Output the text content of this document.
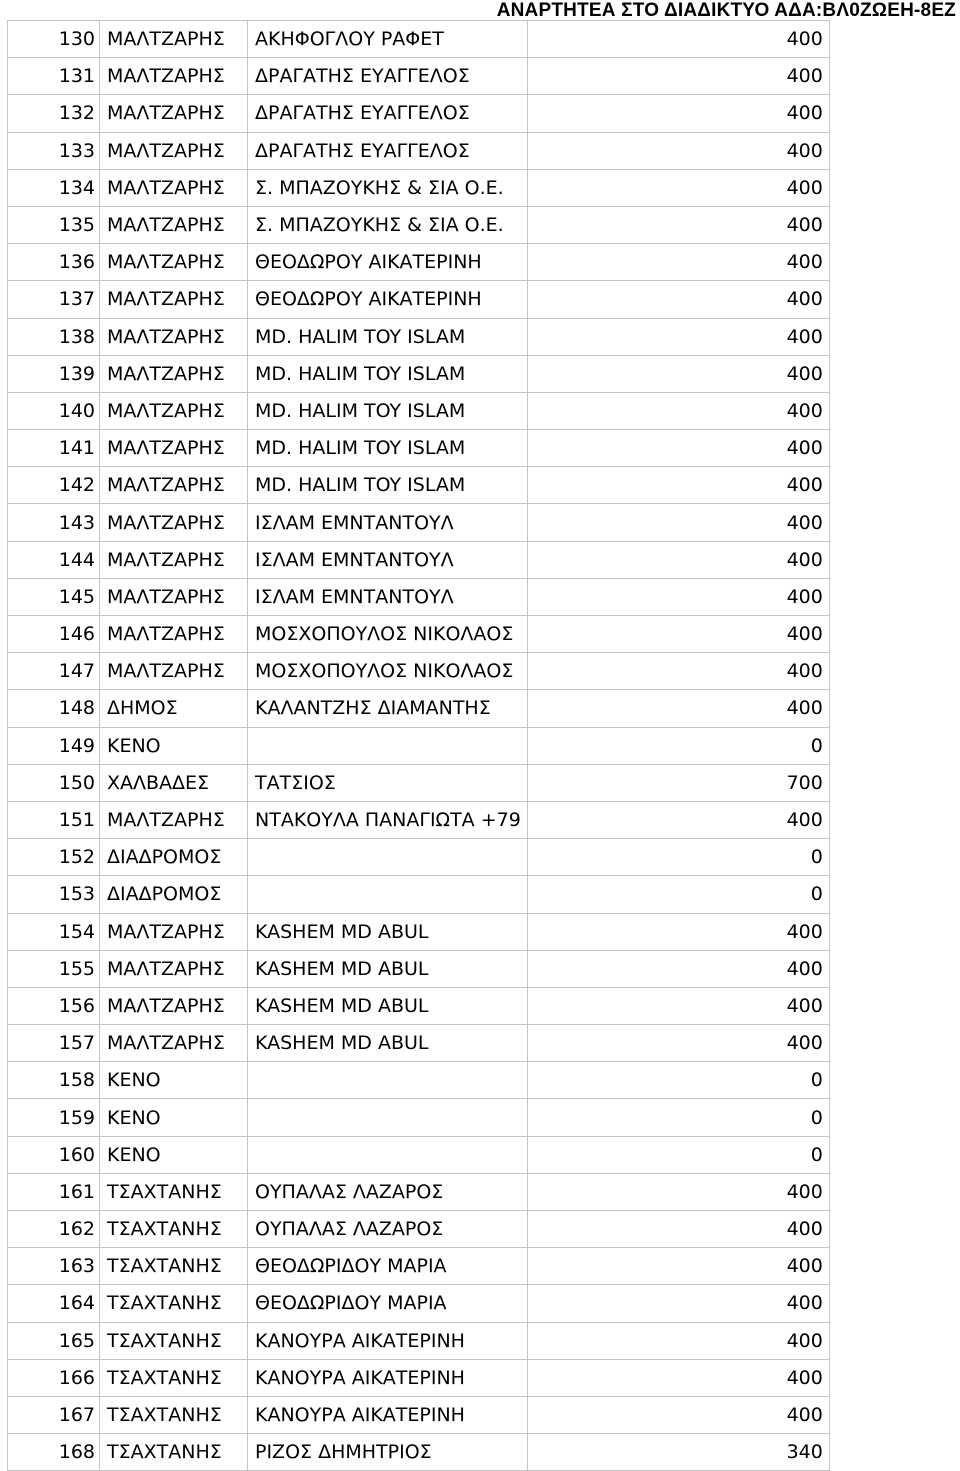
ΑΝΑΡΤΗΤΕΑ ΣΤΟ ΔΙΑΔΙΚΤΥΟ ΑΔΑ:ΒΛ0ΖΩΕΗ-8ΕΖ
130	ΜΑΛΤΖΑΡΗΣ	ΑΚΗΦΟΓΛΟΥ ΡΑΦΕΤ	400
131	ΜΑΛΤΖΑΡΗΣ	ΔΡΑΓΑΤΗΣ ΕΥΑΓΓΕΛΟΣ	400
132	ΜΑΛΤΖΑΡΗΣ	ΔΡΑΓΑΤΗΣ ΕΥΑΓΓΕΛΟΣ	400
133	ΜΑΛΤΖΑΡΗΣ	ΔΡΑΓΑΤΗΣ ΕΥΑΓΓΕΛΟΣ	400
134	ΜΑΛΤΖΑΡΗΣ	Σ. ΜΠΑΖΟΥΚΗΣ & ΣΙΑ Ο.Ε.	400
135	ΜΑΛΤΖΑΡΗΣ	Σ. ΜΠΑΖΟΥΚΗΣ & ΣΙΑ Ο.Ε.	400
136	ΜΑΛΤΖΑΡΗΣ	ΘΕΟΔΩΡΟΥ ΑΙΚΑΤΕΡΙΝΗ	400
137	ΜΑΛΤΖΑΡΗΣ	ΘΕΟΔΩΡΟΥ ΑΙΚΑΤΕΡΙΝΗ	400
138	ΜΑΛΤΖΑΡΗΣ	MD. HALIM TOY ISLAM	400
139	ΜΑΛΤΖΑΡΗΣ	MD. HALIM TOY ISLAM	400
140	ΜΑΛΤΖΑΡΗΣ	MD. HALIM TOY ISLAM	400
141	ΜΑΛΤΖΑΡΗΣ	MD. HALIM TOY ISLAM	400
142	ΜΑΛΤΖΑΡΗΣ	MD. HALIM TOY ISLAM	400
143	ΜΑΛΤΖΑΡΗΣ	ΙΣΛΑΜ ΕΜΝΤΑΝΤΟΥΛ	400
144	ΜΑΛΤΖΑΡΗΣ	ΙΣΛΑΜ ΕΜΝΤΑΝΤΟΥΛ	400
145	ΜΑΛΤΖΑΡΗΣ	ΙΣΛΑΜ ΕΜΝΤΑΝΤΟΥΛ	400
146	ΜΑΛΤΖΑΡΗΣ	ΜΟΣΧΟΠΟΥΛΟΣ ΝΙΚΟΛΑΟΣ	400
147	ΜΑΛΤΖΑΡΗΣ	ΜΟΣΧΟΠΟΥΛΟΣ ΝΙΚΟΛΑΟΣ	400
148	ΔΗΜΟΣ	ΚΑΛΑΝΤΖΗΣ ΔΙΑΜΑΝΤΗΣ	400
149	ΚΕΝΟ		0
150	ΧΑΛΒΑΔΕΣ	ΤΑΤΣΙΟΣ	700
151	ΜΑΛΤΖΑΡΗΣ	ΝΤΑΚΟΥΛΑ ΠΑΝΑΓΙΩΤΑ +79	400
152	ΔΙΑΔΡΟΜΟΣ		0
153	ΔΙΑΔΡΟΜΟΣ		0
154	ΜΑΛΤΖΑΡΗΣ	KASHEM MD ABUL	400
155	ΜΑΛΤΖΑΡΗΣ	KASHEM MD ABUL	400
156	ΜΑΛΤΖΑΡΗΣ	KASHEM MD ABUL	400
157	ΜΑΛΤΖΑΡΗΣ	KASHEM MD ABUL	400
158	ΚΕΝΟ		0
159	ΚΕΝΟ		0
160	ΚΕΝΟ		0
161	ΤΣΑΧΤΑΝΗΣ	ΟΥΠΑΛΑΣ ΛΑΖΑΡΟΣ	400
162	ΤΣΑΧΤΑΝΗΣ	ΟΥΠΑΛΑΣ ΛΑΖΑΡΟΣ	400
163	ΤΣΑΧΤΑΝΗΣ	ΘΕΟΔΩΡΙΔΟΥ ΜΑΡΙΑ	400
164	ΤΣΑΧΤΑΝΗΣ	ΘΕΟΔΩΡΙΔΟΥ ΜΑΡΙΑ	400
165	ΤΣΑΧΤΑΝΗΣ	ΚΑΝΟΥΡΑ ΑΙΚΑΤΕΡΙΝΗ	400
166	ΤΣΑΧΤΑΝΗΣ	ΚΑΝΟΥΡΑ ΑΙΚΑΤΕΡΙΝΗ	400
167	ΤΣΑΧΤΑΝΗΣ	ΚΑΝΟΥΡΑ ΑΙΚΑΤΕΡΙΝΗ	400
168	ΤΣΑΧΤΑΝΗΣ	ΡΙΖΟΣ ΔΗΜΗΤΡΙΟΣ	340
